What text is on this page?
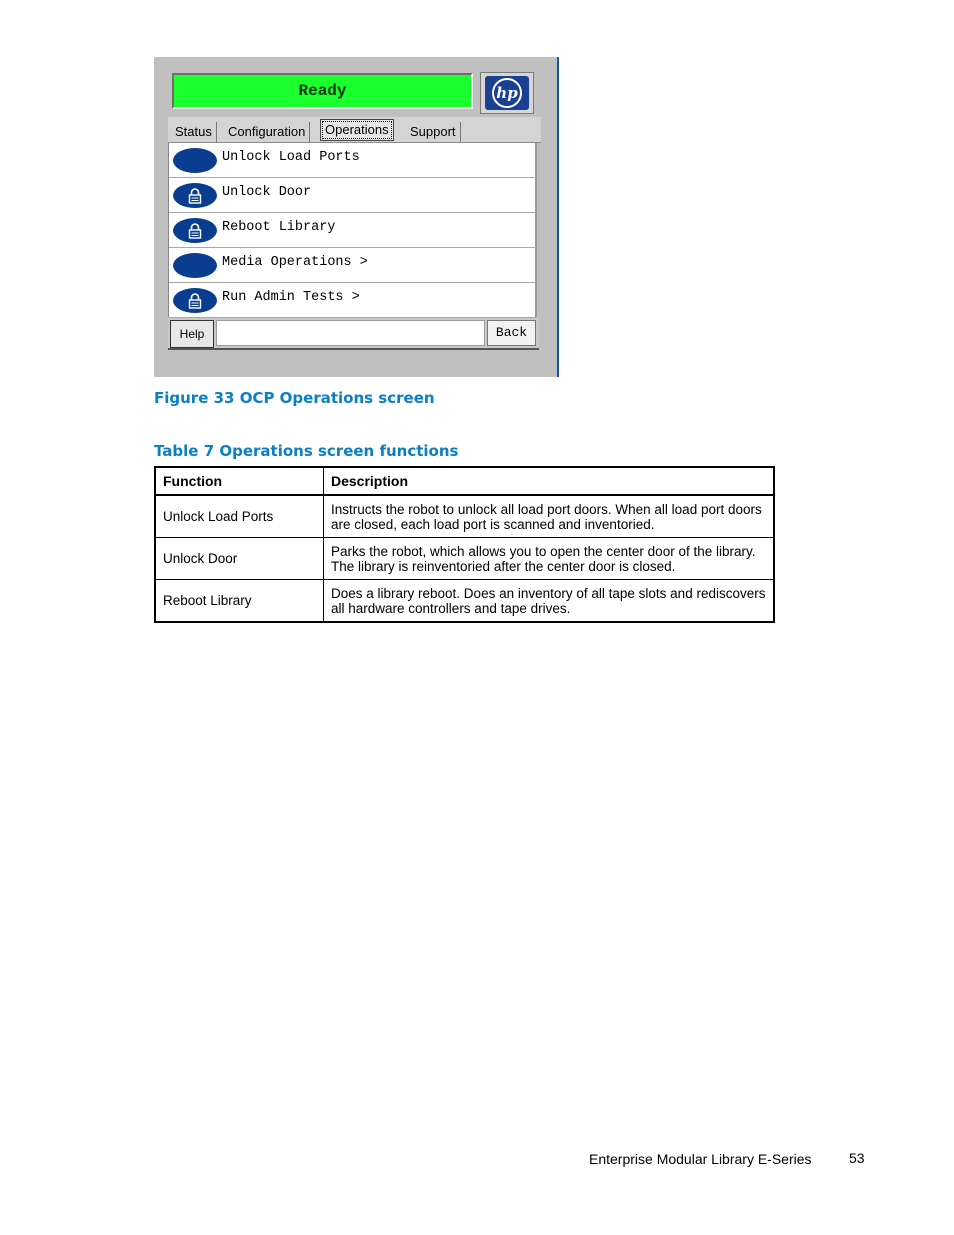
Ready	hp
Status	Configuration	Operations	Support
Unlock Load Ports
Unlock Door
Reboot Library
Media Operations >
Run Admin Tests >
Help	Back
Figure 33 OCP Operations screen
Table 7 Operations screen functions
Function	Description
Unlock Load Ports	Instructs the robot to unlock all load port doors. When all load port doors are closed, each load port is scanned and inventoried.
Unlock Door	Parks the robot, which allows you to open the center door of the library. The library is reinventoried after the center door is closed.
Reboot Library	Does a library reboot. Does an inventory of all tape slots and rediscovers all hardware controllers and tape drives.
Enterprise Modular Library E-Series	53
